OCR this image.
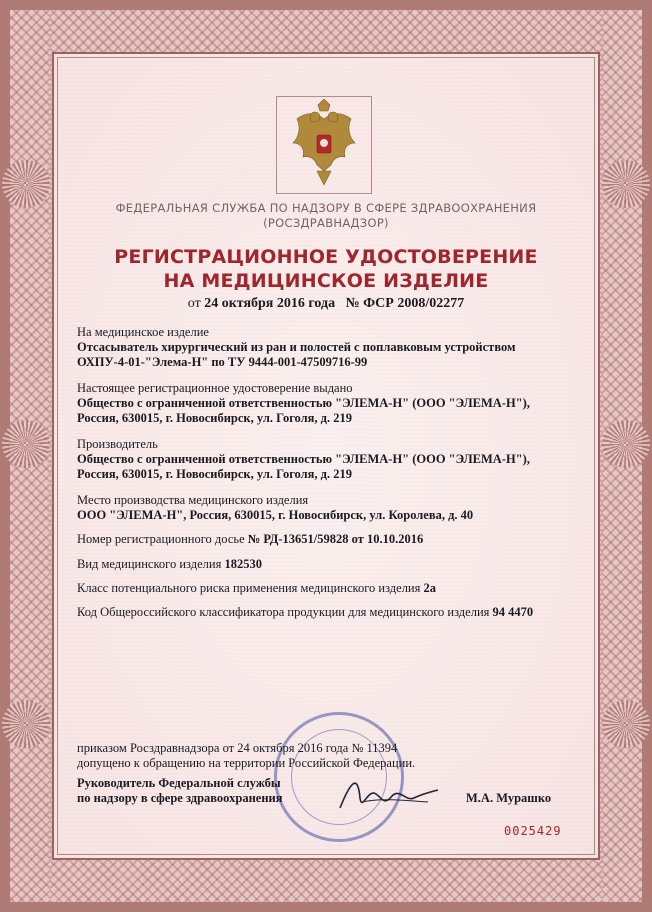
ФЕДЕРАЛЬНАЯ СЛУЖБА ПО НАДЗОРУ В СФЕРЕ ЗДРАВООХРАНЕНИЯ
(РОСЗДРАВНАДЗОР)
РЕГИСТРАЦИОННОЕ УДОСТОВЕРЕНИЕ
НА МЕДИЦИНСКОЕ ИЗДЕЛИЕ
от 24 октября 2016 года № ФСР 2008/02277
На медицинское изделие
Отсасыватель хирургический из ран и полостей с поплавковым устройством
ОХПУ-4-01-"Элема-Н" по ТУ 9444-001-47509716-99
Настоящее регистрационное удостоверение выдано
Общество с ограниченной ответственностью "ЭЛЕМА-Н" (ООО "ЭЛЕМА-Н"),
Россия, 630015, г. Новосибирск, ул. Гоголя, д. 219
Производитель
Общество с ограниченной ответственностью "ЭЛЕМА-Н" (ООО "ЭЛЕМА-Н"),
Россия, 630015, г. Новосибирск, ул. Гоголя, д. 219
Место производства медицинского изделия
ООО "ЭЛЕМА-Н", Россия, 630015, г. Новосибирск, ул. Королева, д. 40
Номер регистрационного досье № РД-13651/59828 от 10.10.2016
Вид медицинского изделия 182530
Класс потенциального риска применения медицинского изделия 2а
Код Общероссийского классификатора продукции для медицинского изделия 94 4470
приказом Росздравнадзора от 24 октября 2016 года № 11394
допущено к обращению на территории Российской Федерации.
Руководитель Федеральной службы
по надзору в сфере здравоохранения	М.А. Мурашко
0025429
